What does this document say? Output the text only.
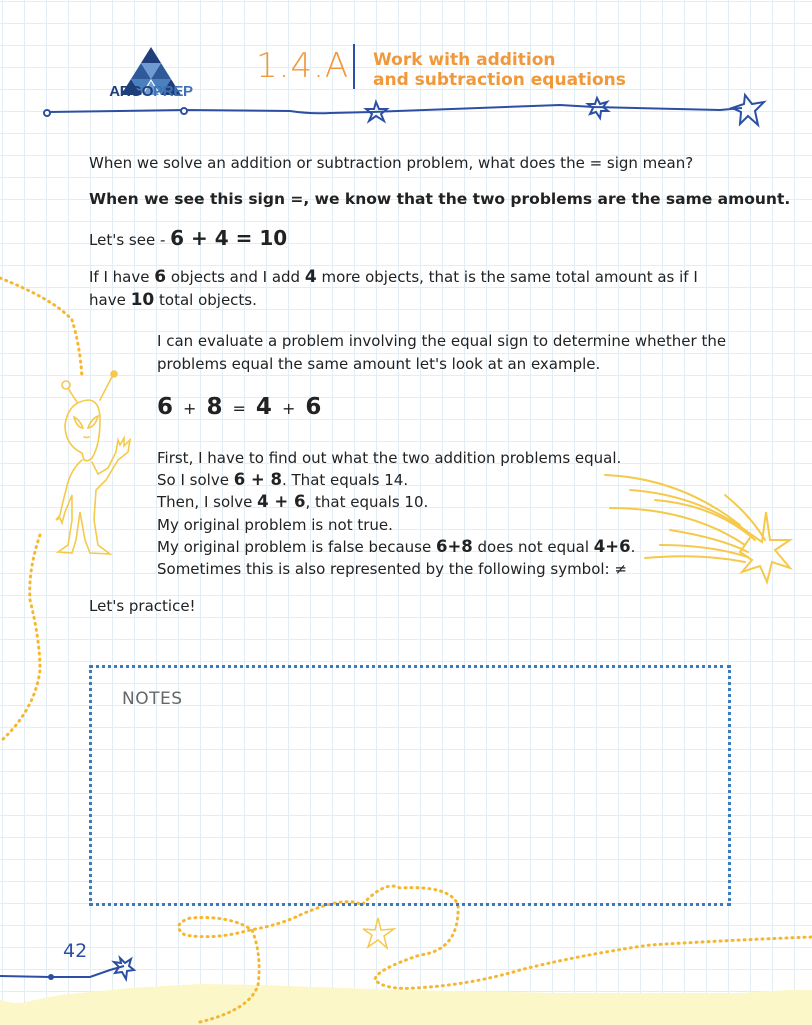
ARGOPREP
1.4.A Work with addition
and subtraction equations
When we solve an addition or subtraction problem, what does the = sign mean?
When we see this sign =, we know that the two problems are the same amount.
Let's see - 6 + 4 = 10
If I have 6 objects and I add 4 more objects, that is the same total amount as if I have 10 total objects.
I can evaluate a problem involving the equal sign to determine whether the problems equal the same amount let's look at an example.
6 + 8 = 4 + 6
First, I have to find out what the two addition problems equal.
So I solve 6 + 8. That equals 14.
Then, I solve 4 + 6, that equals 10.
My original problem is not true.
My original problem is false because 6+8 does not equal 4+6.
Sometimes this is also represented by the following symbol: ≠
Let's practice!
NOTES
42
